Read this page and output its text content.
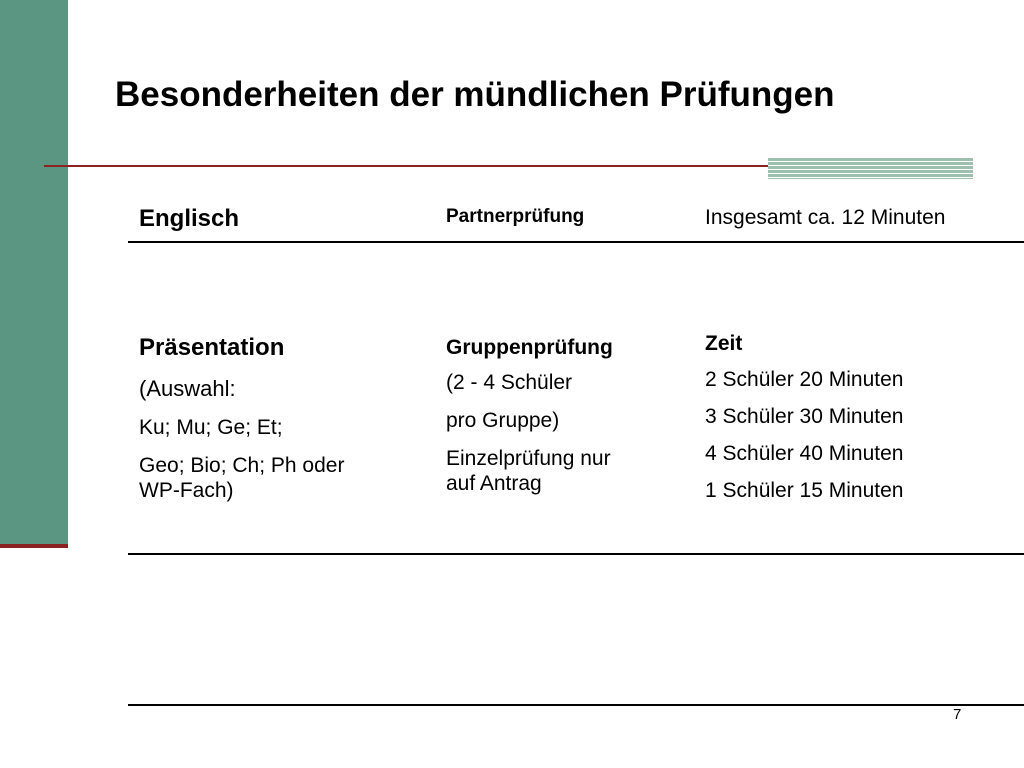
Besonderheiten der mündlichen Prüfungen
Englisch	Partnerprüfung	Insgesamt ca. 12 Minuten
Präsentation
(Auswahl:
Ku; Mu; Ge; Et;
Geo; Bio; Ch; Ph oder
WP-Fach)
Gruppenprüfung
(2 - 4 Schüler
pro Gruppe)
Einzelprüfung nur
auf Antrag
Zeit
2 Schüler 20 Minuten
3 Schüler 30 Minuten
4 Schüler 40 Minuten
1 Schüler 15 Minuten
7
